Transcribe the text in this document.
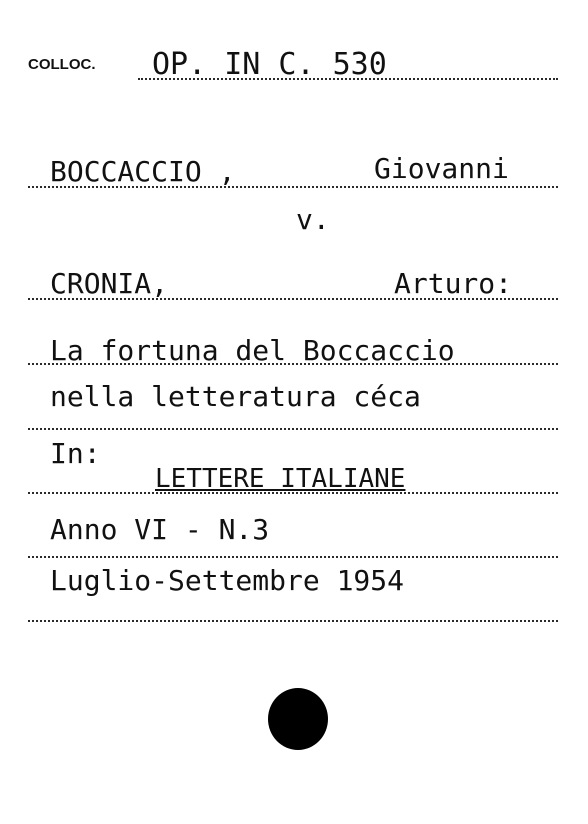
COLLOC. OP. IN C. 530
BOCCACCIO ,	Giovanni
v.
CRONIA,	Arturo:
La fortuna del Boccaccio
nella letteratura céca
In:
LETTERE ITALIANE
Anno VI - N.3
Luglio-Settembre 1954
